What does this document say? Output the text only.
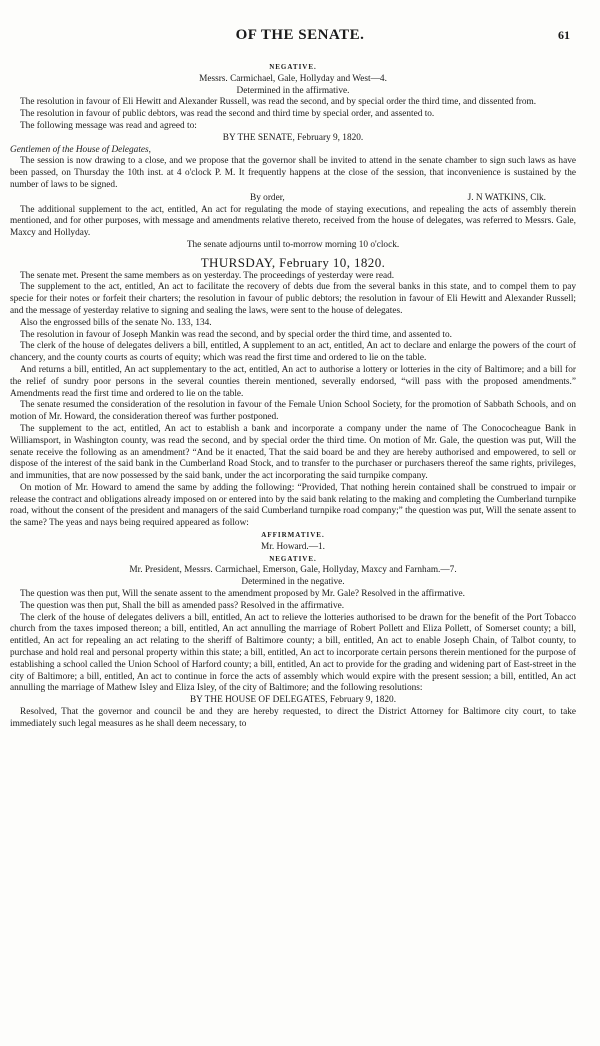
OF THE SENATE.	61

NEGATIVE.

Messrs. Carmichael, Gale, Hollyday and West—4.

Determined in the affirmative.

The resolution in favour of Eli Hewitt and Alexander Russell, was read the second, and by special order the third time, and dissented from.

The resolution in favour of public debtors, was read the second and third time by special order, and assented to.

The following message was read and agreed to:

BY THE SENATE, February 9, 1820.

Gentlemen of the House of Delegates,

The session is now drawing to a close, and we propose that the governor shall be invited to attend in the senate chamber to sign such laws as have been passed, on Thursday the 10th inst. at 4 o'clock P. M. It frequently happens at the close of the session, that inconvenience is sustained by the number of laws to be signed.

By order,	J. N WATKINS, Clk.

The additional supplement to the act, entitled, An act for regulating the mode of staying executions, and repealing the acts of assembly therein mentioned, and for other purposes, with message and amendments relative thereto, received from the house of delegates, was referred to Messrs. Gale, Maxcy and Hollyday.

The senate adjourns until to-morrow morning 10 o'clock.

THURSDAY, February 10, 1820.

The senate met. Present the same members as on yesterday. The proceedings of yesterday were read.

The supplement to the act, entitled, An act to facilitate the recovery of debts due from the several banks in this state, and to compel them to pay specie for their notes or forfeit their charters; the resolution in favour of public debtors; the resolution in favour of Eli Hewitt and Alexander Russell; and the message of yesterday relative to signing and sealing the laws, were sent to the house of delegates.

Also the engrossed bills of the senate No. 133, 134.

The resolution in favour of Joseph Mankin was read the second, and by special order the third time, and assented to.

The clerk of the house of delegates delivers a bill, entitled, A supplement to an act, entitled, An act to declare and enlarge the powers of the court of chancery, and the county courts as courts of equity; which was read the first time and ordered to lie on the table.

And returns a bill, entitled, An act supplementary to the act, entitled, An act to authorise a lottery or lotteries in the city of Baltimore; and a bill for the relief of sundry poor persons in the several counties therein mentioned, severally endorsed, “will pass with the proposed amendments.” Amendments read the first time and ordered to lie on the table.

The senate resumed the consideration of the resolution in favour of the Female Union School Society, for the promotion of Sabbath Schools, and on motion of Mr. Howard, the consideration thereof was further postponed.

The supplement to the act, entitled, An act to establish a bank and incorporate a company under the name of The Conococheague Bank in Williamsport, in Washington county, was read the second, and by special order the third time. On motion of Mr. Gale, the question was put, Will the senate receive the following as an amendment? “And be it enacted, That the said board be and they are hereby authorised and empowered, to sell or dispose of the interest of the said bank in the Cumberland Road Stock, and to transfer to the purchaser or purchasers thereof the same rights, privileges, and immunities, that are now possessed by the said bank, under the act incorporating the said turnpike company.

On motion of Mr. Howard to amend the same by adding the following: “Provided, That nothing herein contained shall be construed to impair or release the contract and obligations already imposed on or entered into by the said bank relating to the making and completing the Cumberland turnpike road, without the consent of the president and managers of the said Cumberland turnpike road company;” the question was put, Will the senate assent to the same? The yeas and nays being required appeared as follow:

AFFIRMATIVE.

Mr. Howard.—1.

NEGATIVE.

Mr. President, Messrs. Carmichael, Emerson, Gale, Hollyday, Maxcy and Farnham.—7.

Determined in the negative.

The question was then put, Will the senate assent to the amendment proposed by Mr. Gale? Resolved in the affirmative.

The question was then put, Shall the bill as amended pass? Resolved in the affirmative.

The clerk of the house of delegates delivers a bill, entitled, An act to relieve the lotteries authorised to be drawn for the benefit of the Port Tobacco church from the taxes imposed thereon; a bill, entitled, An act annulling the marriage of Robert Pollett and Eliza Pollett, of Somerset county; a bill, entitled, An act for repealing an act relating to the sheriff of Baltimore county; a bill, entitled, An act to enable Joseph Chain, of Talbot county, to purchase and hold real and personal property within this state; a bill, entitled, An act to incorporate certain persons therein mentioned for the purpose of establishing a school called the Union School of Harford county; a bill, entitled, An act to provide for the grading and widening part of East-street in the city of Baltimore; a bill, entitled, An act to continue in force the acts of assembly which would expire with the present session; a bill, entitled, An act annulling the marriage of Mathew Isley and Eliza Isley, of the city of Baltimore; and the following resolutions:

BY THE HOUSE OF DELEGATES, February 9, 1820.

Resolved, That the governor and council be and they are hereby requested, to direct the District Attorney for Baltimore city court, to take immediately such legal measures as he shall deem necessary, to
